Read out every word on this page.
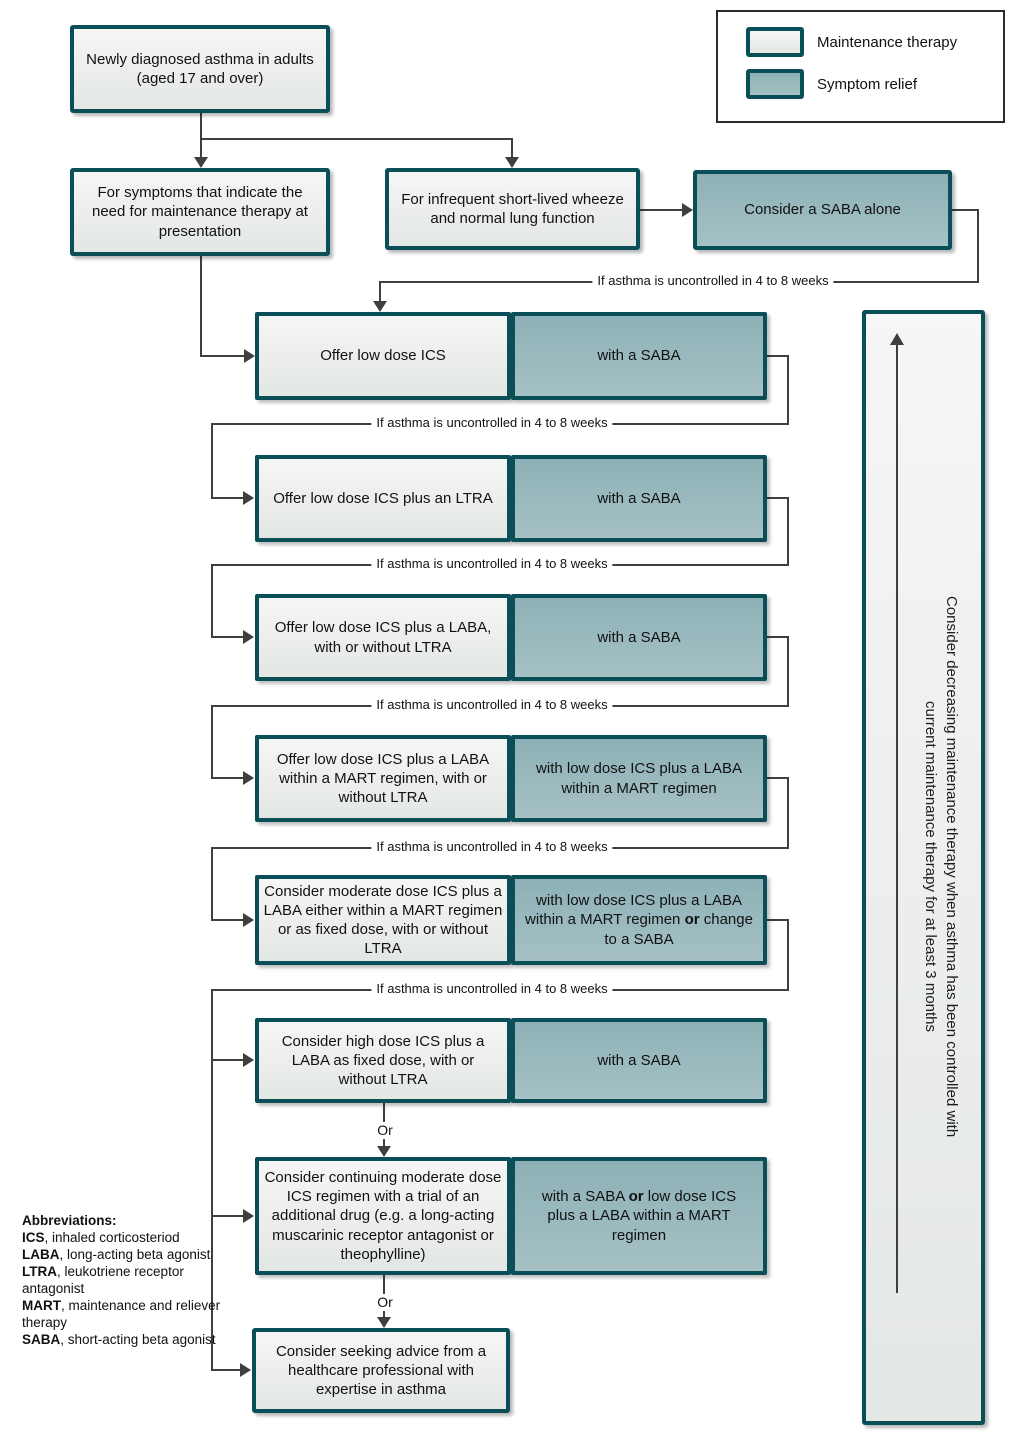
If asthma is uncontrolled in 4 to 8 weeks
If asthma is uncontrolled in 4 to 8 weeks
If asthma is uncontrolled in 4 to 8 weeks
If asthma is uncontrolled in 4 to 8 weeks
If asthma is uncontrolled in 4 to 8 weeks
If asthma is uncontrolled in 4 to 8 weeks
Or
Or
Maintenance therapy
Symptom relief
Newly diagnosed asthma in adults (aged 17 and over)
For symptoms that indicate the need for maintenance therapy at presentation
For infrequent short-lived wheeze and normal lung function
Consider a SABA alone
Offer low dose ICS	with a SABA
Offer low dose ICS plus an LTRA	with a SABA
Offer low dose ICS plus a LABA, with or without LTRA
with a SABA
Offer low dose ICS plus a LABA within a MART regimen, with or without LTRA
with low dose ICS plus a LABA within a MART regimen
Consider moderate dose ICS plus a LABA either within a MART regimen or as fixed dose, with or without LTRA
with low dose ICS plus a LABA within a MART regimen or change to a SABA
Consider high dose ICS plus a LABA as fixed dose, with or without LTRA
with a SABA
Consider continuing moderate dose ICS regimen with a trial of an additional drug (e.g. a long-acting muscarinic receptor antagonist or theophylline)
with a SABA or low dose ICS plus a LABA within a MART regimen
Consider seeking advice from a healthcare professional with expertise in asthma
Consider decreasing maintenance therapy when asthma has been controlled with
current maintenance therapy for at least 3 months
Abbreviations:
ICS, inhaled corticosteriod
LABA, long-acting beta agonist
LTRA, leukotriene receptor antagonist
MART, maintenance and reliever therapy
SABA, short-acting beta agonist
